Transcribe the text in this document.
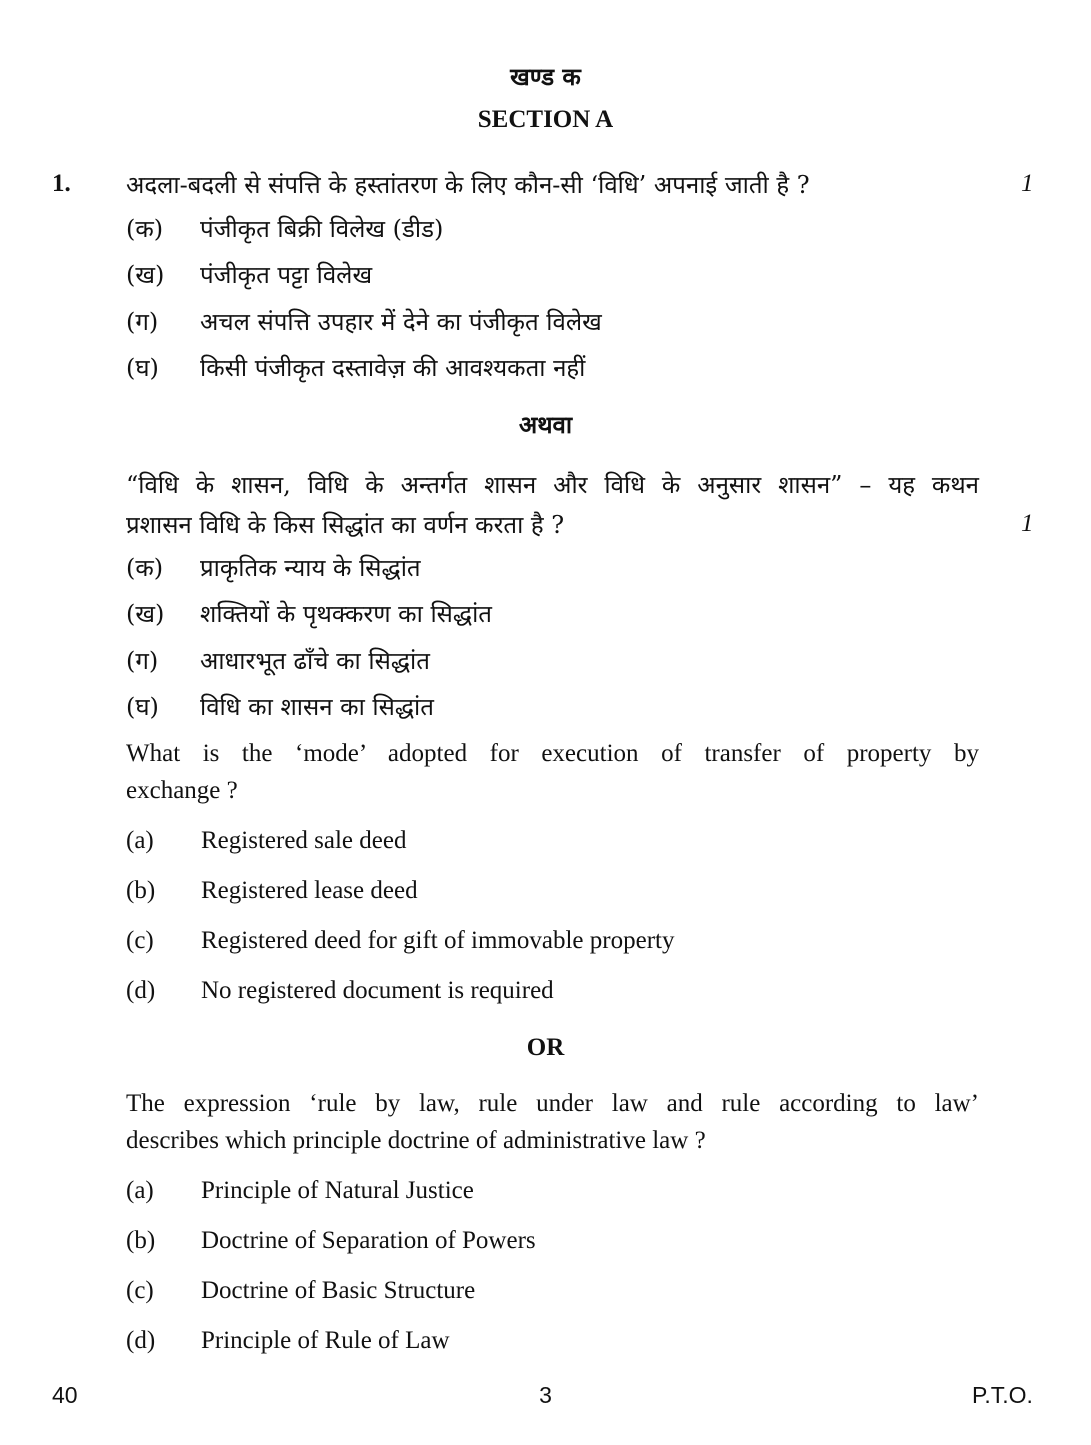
खण्ड क
SECTION A
1. अदला-बदली से संपत्ति के हस्तांतरण के लिए कौन-सी ‘विधि’ अपनाई जाती है ?	1
(क) पंजीकृत बिक्री विलेख (डीड)
(ख) पंजीकृत पट्टा विलेख
(ग) अचल संपत्ति उपहार में देने का पंजीकृत विलेख
(घ) किसी पंजीकृत दस्तावेज़ की आवश्यकता नहीं
अथवा
“विधि के शासन, विधि के अन्तर्गत शासन और विधि के अनुसार शासन” – यह कथन
प्रशासन विधि के किस सिद्धांत का वर्णन करता है ?	1
(क) प्राकृतिक न्याय के सिद्धांत
(ख) शक्तियों के पृथक्करण का सिद्धांत
(ग) आधारभूत ढाँचे का सिद्धांत
(घ) विधि का शासन का सिद्धांत
What is the ‘mode’ adopted for execution of transfer of property by
exchange ?
(a) Registered sale deed
(b) Registered lease deed
(c) Registered deed for gift of immovable property
(d) No registered document is required
OR
The expression ‘rule by law, rule under law and rule according to law’
describes which principle doctrine of administrative law ?
(a) Principle of Natural Justice
(b) Doctrine of Separation of Powers
(c) Doctrine of Basic Structure
(d) Principle of Rule of Law
40	3	P.T.O.
